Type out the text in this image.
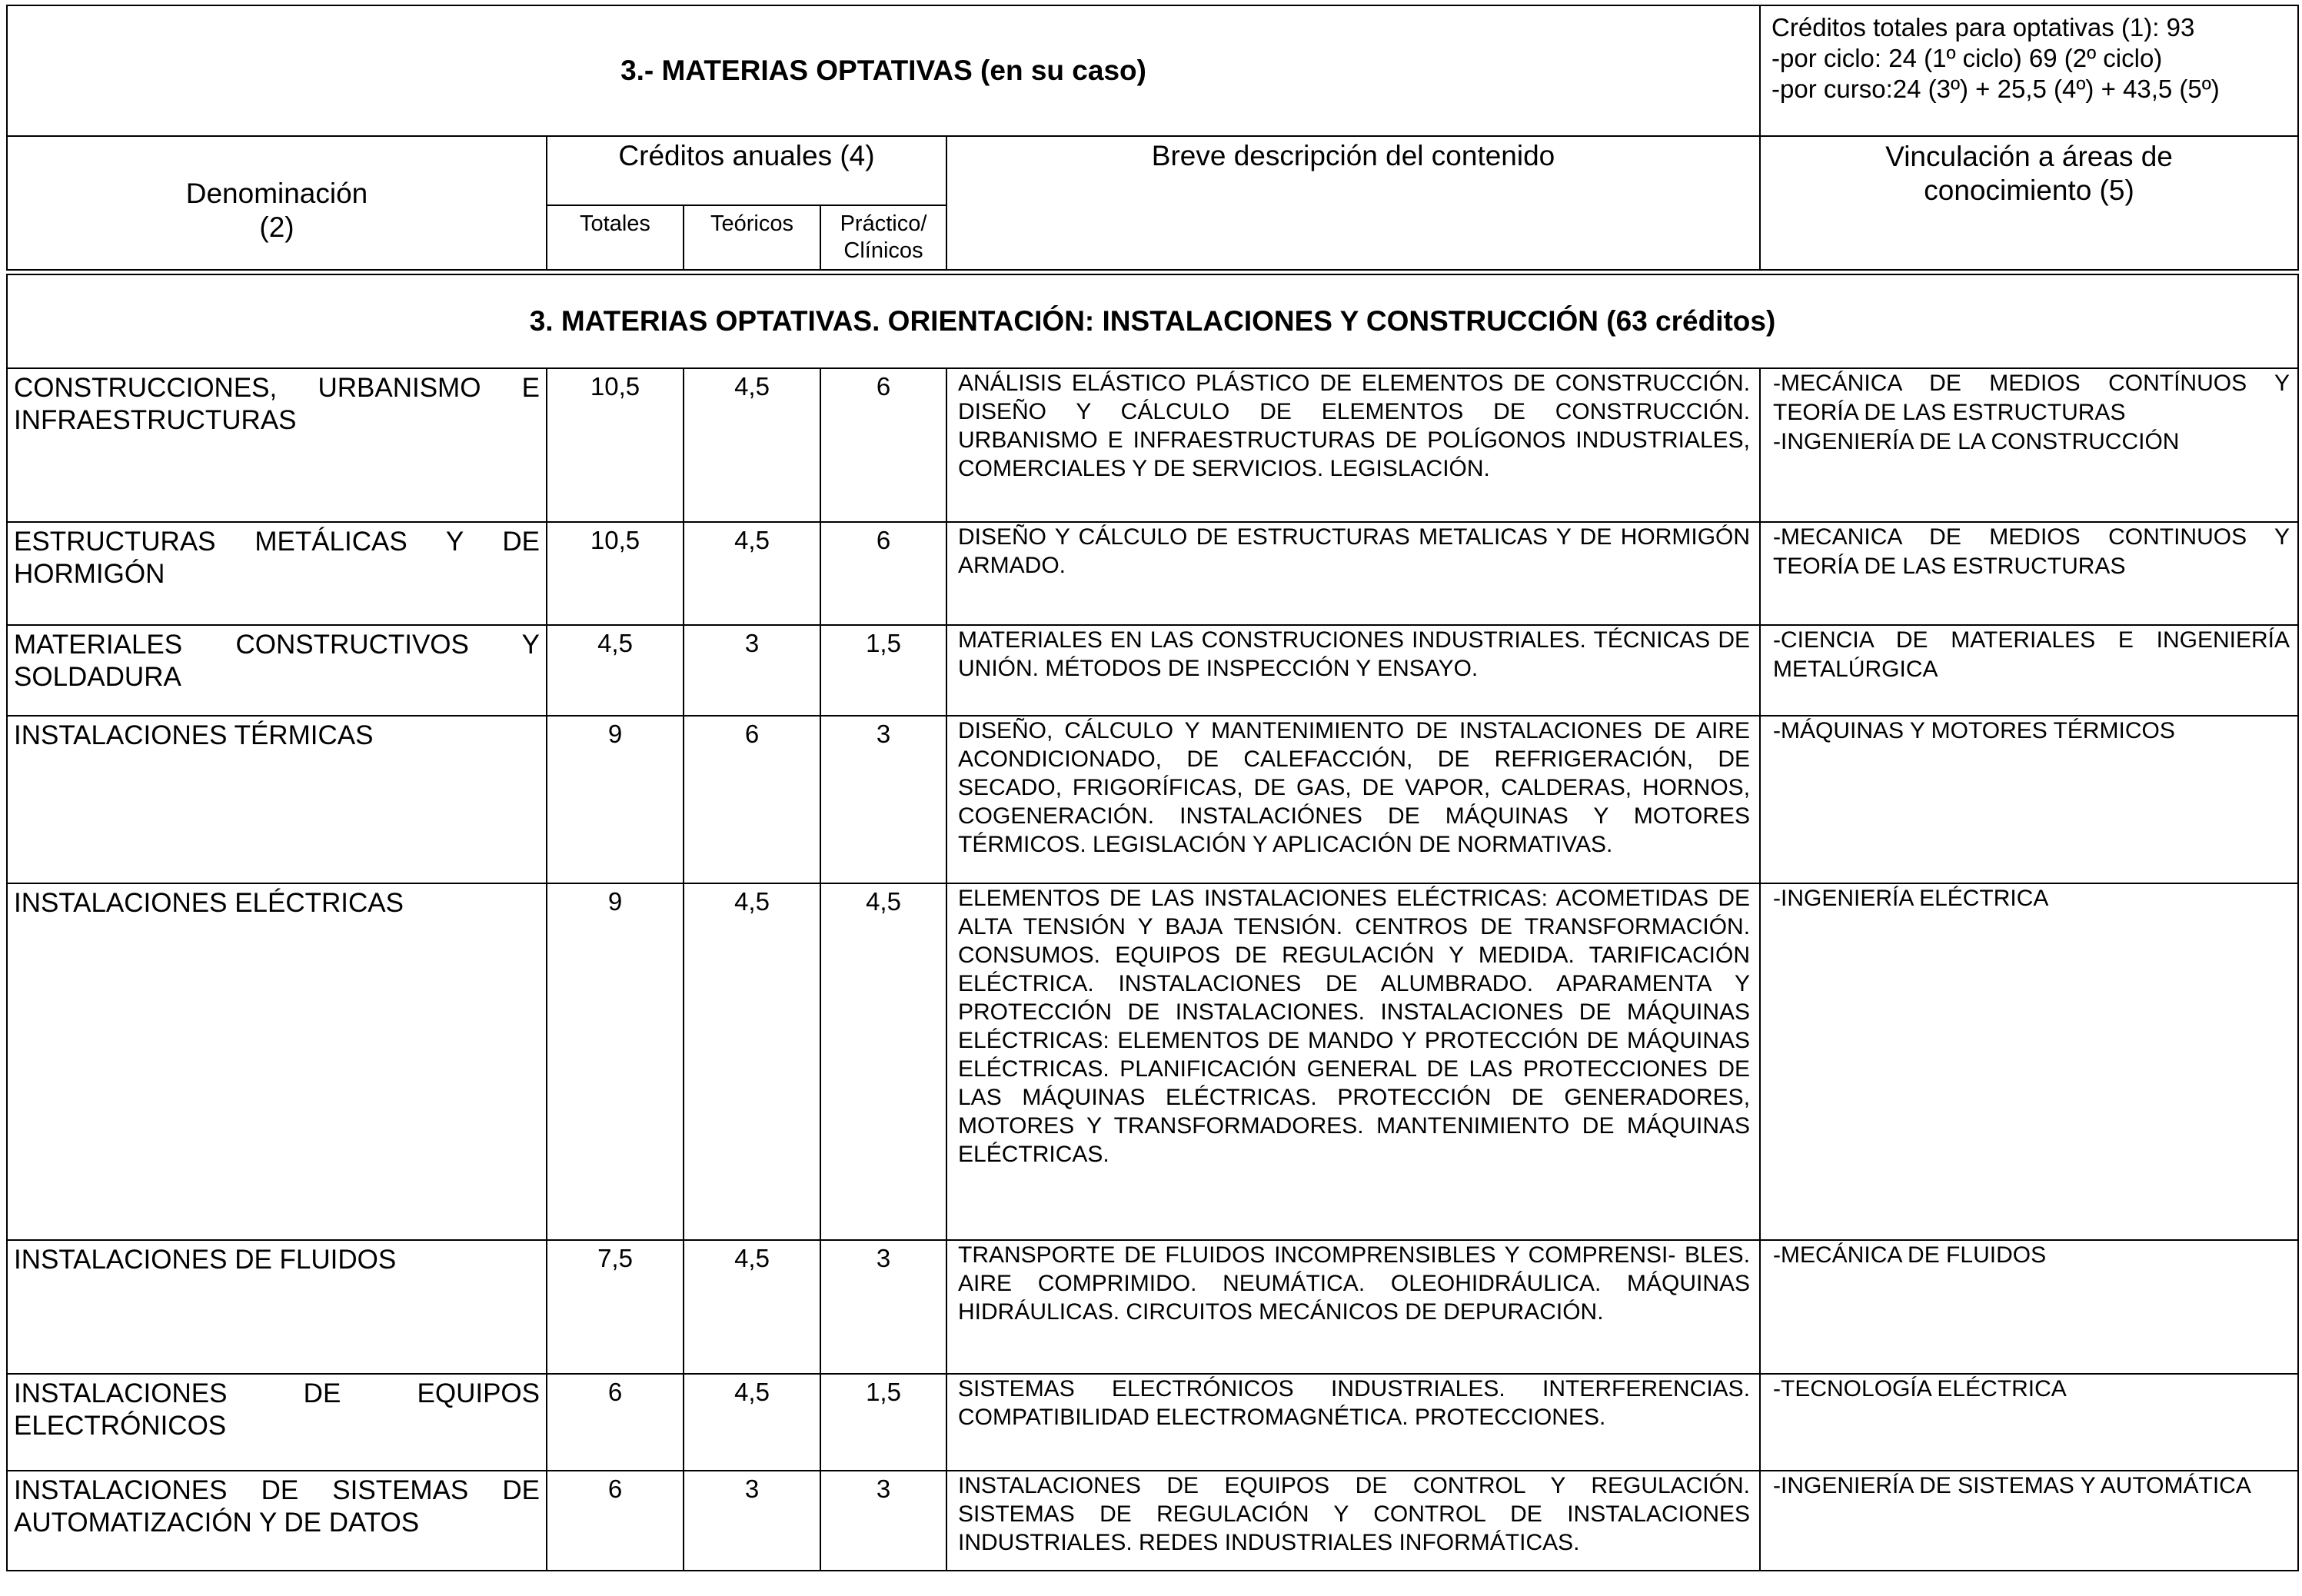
3.- MATERIAS OPTATIVAS (en su caso)					Créditos totales para optativas (1): 93
-por ciclo: 24 (1º ciclo) 69 (2º ciclo)
-por curso:24 (3º) + 25,5 (4º) + 43,5 (5º)

Denominación
(2)	Créditos anuales (4)			Breve descripción del contenido	Vinculación a áreas de
conocimiento (5)

	Totales	Teóricos	Práctico/
Clínicos		

3. MATERIAS OPTATIVAS. ORIENTACIÓN: INSTALACIONES Y CONSTRUCCIÓN (63 créditos)					
CONSTRUCCIONES, URBANISMO E INFRAESTRUCTURAS	10,5	4,5	6	ANÁLISIS ELÁSTICO PLÁSTICO DE ELEMENTOS DE CONSTRUCCIÓN. DISEÑO Y CÁLCULO DE ELEMENTOS DE CONSTRUCCIÓN. URBANISMO E INFRAESTRUCTURAS DE POLÍGONOS INDUSTRIALES, COMERCIALES Y DE SERVICIOS. LEGISLACIÓN.	-MECÁNICA DE MEDIOS CONTÍNUOS Y TEORÍA DE LAS ESTRUCTURAS
-INGENIERÍA DE LA CONSTRUCCIÓN

ESTRUCTURAS METÁLICAS Y DE HORMIGÓN	10,5	4,5	6	DISEÑO Y CÁLCULO DE ESTRUCTURAS METALICAS Y DE HORMIGÓN ARMADO.	-MECANICA DE MEDIOS CONTINUOS Y TEORÍA DE LAS ESTRUCTURAS

MATERIALES CONSTRUCTIVOS Y SOLDADURA	4,5	3	1,5	MATERIALES EN LAS CONSTRUCIONES INDUSTRIALES. TÉCNICAS DE UNIÓN. MÉTODOS DE INSPECCIÓN Y ENSAYO.	-CIENCIA DE MATERIALES E INGENIERÍA METALÚRGICA

INSTALACIONES TÉRMICAS	9	6	3	DISEÑO, CÁLCULO Y MANTENIMIENTO DE INSTALACIONES DE AIRE ACONDICIONADO, DE CALEFACCIÓN, DE REFRIGERACIÓN, DE SECADO, FRIGORÍFICAS, DE GAS, DE VAPOR, CALDERAS, HORNOS, COGENERACIÓN. INSTALACIÓNES DE MÁQUINAS Y MOTORES TÉRMICOS. LEGISLACIÓN Y APLICACIÓN DE NORMATIVAS.	-MÁQUINAS Y MOTORES TÉRMICOS

INSTALACIONES ELÉCTRICAS	9	4,5	4,5	ELEMENTOS DE LAS INSTALACIONES ELÉCTRICAS: ACOMETIDAS DE ALTA TENSIÓN Y BAJA TENSIÓN. CENTROS DE TRANSFORMACIÓN. CONSUMOS. EQUIPOS DE REGULACIÓN Y MEDIDA. TARIFICACIÓN ELÉCTRICA. INSTALACIONES DE ALUMBRADO. APARAMENTA Y PROTECCIÓN DE INSTALACIONES. INSTALACIONES DE MÁQUINAS ELÉCTRICAS: ELEMENTOS DE MANDO Y PROTECCIÓN DE MÁQUINAS ELÉCTRICAS. PLANIFICACIÓN GENERAL DE LAS PROTECCIONES DE LAS MÁQUINAS ELÉCTRICAS. PROTECCIÓN DE GENERADORES, MOTORES Y TRANSFORMADORES. MANTENIMIENTO DE MÁQUINAS ELÉCTRICAS.	-INGENIERÍA ELÉCTRICA

INSTALACIONES DE FLUIDOS	7,5	4,5	3	TRANSPORTE DE FLUIDOS INCOMPRENSIBLES Y COMPRENSI- BLES. AIRE COMPRIMIDO. NEUMÁTICA. OLEOHIDRÁULICA. MÁQUINAS HIDRÁULICAS. CIRCUITOS MECÁNICOS DE DEPURACIÓN.	-MECÁNICA DE FLUIDOS

INSTALACIONES DE EQUIPOS ELECTRÓNICOS	6	4,5	1,5	SISTEMAS ELECTRÓNICOS INDUSTRIALES. INTERFERENCIAS. COMPATIBILIDAD ELECTROMAGNÉTICA. PROTECCIONES.	-TECNOLOGÍA ELÉCTRICA

INSTALACIONES DE SISTEMAS DE AUTOMATIZACIÓN Y DE DATOS	6	3	3	INSTALACIONES DE EQUIPOS DE CONTROL Y REGULACIÓN. SISTEMAS DE REGULACIÓN Y CONTROL DE INSTALACIONES INDUSTRIALES. REDES INDUSTRIALES INFORMÁTICAS.	-INGENIERÍA DE SISTEMAS Y AUTOMÁTICA
